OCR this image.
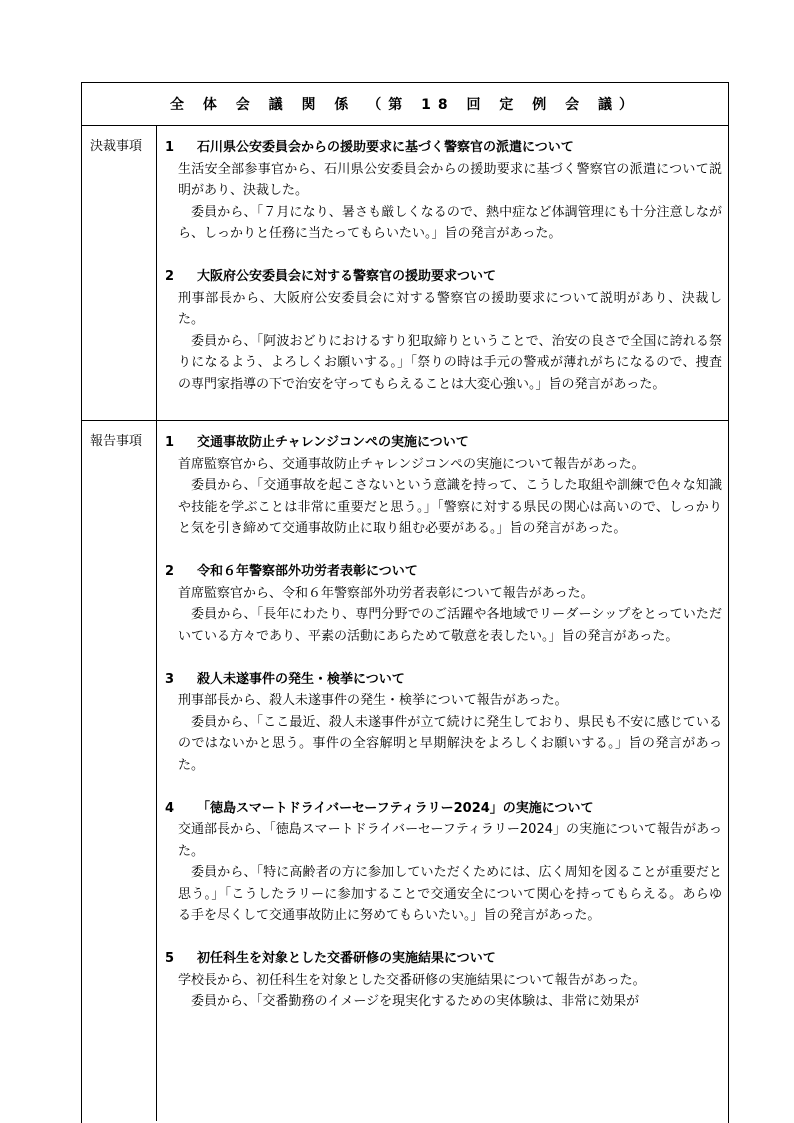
全 体 会 議 関 係 （第 18 回 定 例 会 議）
決裁事項	1	石川県公安委員会からの援助要求に基づく警察官の派遣について
生活安全部参事官から、石川県公安委員会からの援助要求に基づく警察官の派遣について説明があり、決裁した。
委員から、「７月になり、暑さも厳しくなるので、熱中症など体調管理にも十分注意しながら、しっかりと任務に当たってもらいたい。」旨の発言があった。
2	大阪府公安委員会に対する警察官の援助要求ついて
刑事部長から、大阪府公安委員会に対する警察官の援助要求について説明があり、決裁した。
委員から、「阿波おどりにおけるすり犯取締りということで、治安の良さで全国に誇れる祭りになるよう、よろしくお願いする。」「祭りの時は手元の警戒が薄れがちになるので、捜査の専門家指導の下で治安を守ってもらえることは大変心強い。」旨の発言があった。
報告事項	1	交通事故防止チャレンジコンペの実施について
首席監察官から、交通事故防止チャレンジコンペの実施について報告があった。
委員から、「交通事故を起こさないという意識を持って、こうした取組や訓練で色々な知識や技能を学ぶことは非常に重要だと思う。」「警察に対する県民の関心は高いので、しっかりと気を引き締めて交通事故防止に取り組む必要がある。」旨の発言があった。
2	令和６年警察部外功労者表彰について
首席監察官から、令和６年警察部外功労者表彰について報告があった。
委員から、「長年にわたり、専門分野でのご活躍や各地域でリーダーシップをとっていただいている方々であり、平素の活動にあらためて敬意を表したい。」旨の発言があった。
3	殺人未遂事件の発生・検挙について
刑事部長から、殺人未遂事件の発生・検挙について報告があった。
委員から、「ここ最近、殺人未遂事件が立て続けに発生しており、県民も不安に感じているのではないかと思う。事件の全容解明と早期解決をよろしくお願いする。」旨の発言があった。
4	「徳島スマートドライバーセーフティラリー2024」の実施について
交通部長から、「徳島スマートドライバーセーフティラリー2024」の実施について報告があった。
委員から、「特に高齢者の方に参加していただくためには、広く周知を図ることが重要だと思う。」「こうしたラリーに参加することで交通安全について関心を持ってもらえる。あらゆる手を尽くして交通事故防止に努めてもらいたい。」旨の発言があった。
5	初任科生を対象とした交番研修の実施結果について
学校長から、初任科生を対象とした交番研修の実施結果について報告があった。
委員から、「交番勤務のイメージを現実化するための実体験は、非常に効果が
